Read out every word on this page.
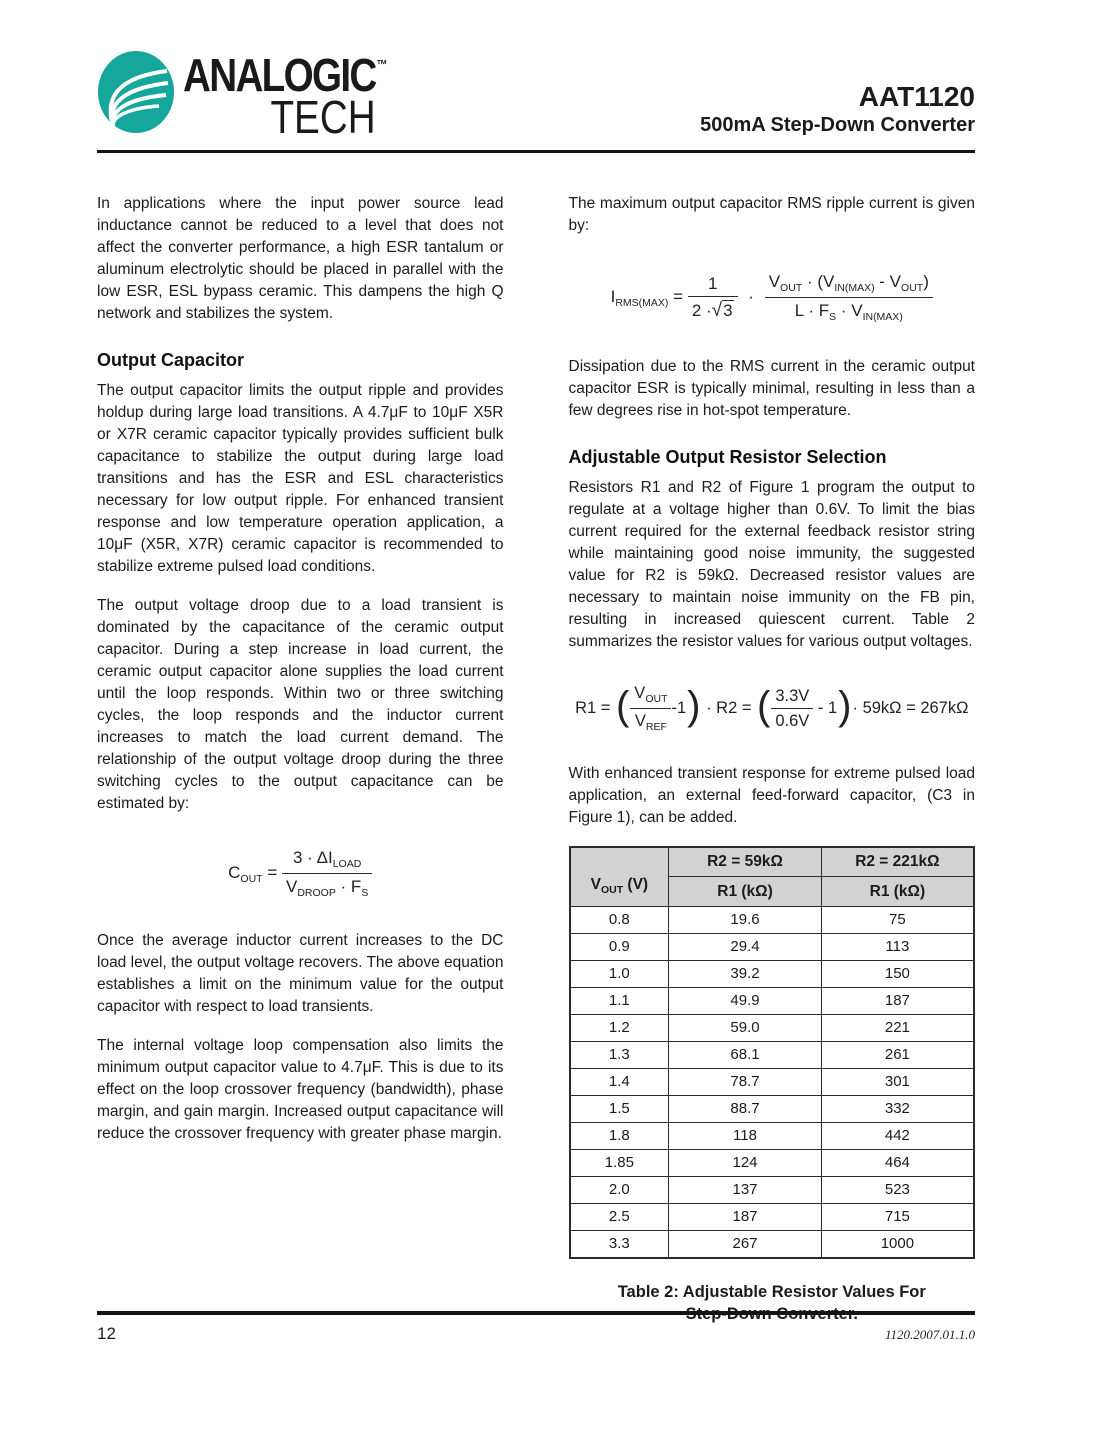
ANALOGIC™
TECH	AAT1120
500mA Step-Down Converter

In applications where the input power source lead inductance cannot be reduced to a level that does not affect the converter performance, a high ESR tantalum or aluminum electrolytic should be placed in parallel with the low ESR, ESL bypass ceramic. This dampens the high Q network and stabilizes the system.

Output Capacitor

The output capacitor limits the output ripple and provides holdup during large load transitions. A 4.7μF to 10μF X5R or X7R ceramic capacitor typically provides sufficient bulk capacitance to stabilize the output during large load transitions and has the ESR and ESL characteristics necessary for low output ripple. For enhanced transient response and low temperature operation application, a 10μF (X5R, X7R) ceramic capacitor is recommended to stabilize extreme pulsed load conditions.

The output voltage droop due to a load transient is dominated by the capacitance of the ceramic output capacitor. During a step increase in load current, the ceramic output capacitor alone supplies the load current until the loop responds. Within two or three switching cycles, the loop responds and the inductor current increases to match the load current demand. The relationship of the output voltage droop during the three switching cycles to the output capacitance can be estimated by:

$C_{OUT} = \frac{3 \cdot \Delta I_{LOAD}}{V_{DROOP} \cdot F_S}$

Once the average inductor current increases to the DC load level, the output voltage recovers. The above equation establishes a limit on the minimum value for the output capacitor with respect to load transients.

The internal voltage loop compensation also limits the minimum output capacitor value to 4.7μF. This is due to its effect on the loop crossover frequency (bandwidth), phase margin, and gain margin. Increased output capacitance will reduce the crossover frequency with greater phase margin.

The maximum output capacitor RMS ripple current is given by:

$I_{RMS(MAX)} = \frac{1}{2 \cdot√3} \cdot \frac{V_{OUT} \cdot (V_{IN(MAX)} - V_{OUT})}{L \cdot F_S \cdot V_{IN(MAX)}}$

Dissipation due to the RMS current in the ceramic output capacitor ESR is typically minimal, resulting in less than a few degrees rise in hot-spot temperature.

Adjustable Output Resistor Selection

Resistors R1 and R2 of Figure 1 program the output to regulate at a voltage higher than 0.6V. To limit the bias current required for the external feedback resistor string while maintaining good noise immunity, the suggested value for R2 is 59kΩ. Decreased resistor values are necessary to maintain noise immunity on the FB pin, resulting in increased quiescent current. Table 2 summarizes the resistor values for various output voltages.

R1 = ( $\frac{V_{OUT}}{V_{REF}} -1) \cdot R2$ = ( $\frac{3.3V}{0.6V} - 1)\cdot 59k\Omega = 267k\Omega$

With enhanced transient response for extreme pulsed load application, an external feed-forward capacitor, (C3 in Figure 1), can be added.

$V_{OUT}$ (V)	R2 = 59kΩ	R2 = 221kΩ
	R1 (kΩ)	R1 (kΩ)
0.8	19.6	75
0.9	29.4	113
1.0	39.2	150
1.1	49.9	187
1.2	59.0	221
1.3	68.1	261
1.4	78.7	301
1.5	88.7	332
1.8	118	442
1.85	124	464
2.0	137	523
2.5	187	715
3.3	267	1000
Table 2: Adjustable Resistor Values For
Step-Down Converter.
12	1120.2007.01.1.0
